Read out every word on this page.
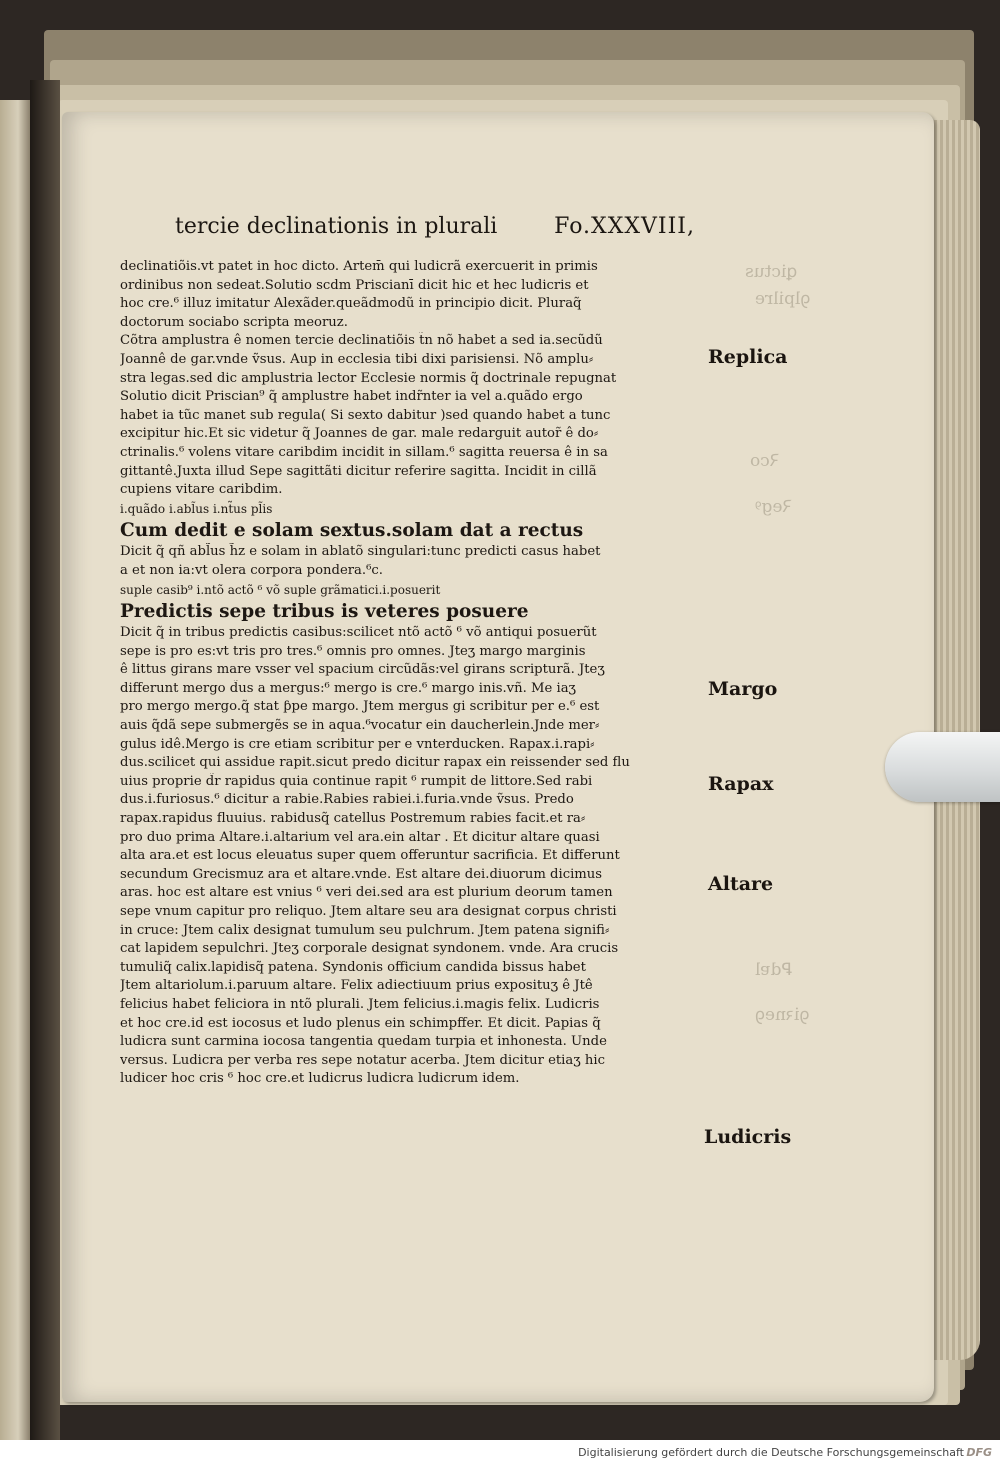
ꝗictus
ꝯlpilre
Ꝛco
Ꝛegꝰ
Ꝑdɐl
ꝯiꝛneꝯ
tercie declinationis in plurali	Fo.XXXVIII,
declinatiõis.vt patet in hoc dicto. Artem̄ qui ludicrã exercuerit in primis
ordinibus non sedeat.Solutio scd̄m Priscianī dicit hic et hec ludicris et
hoc cre.⁶ illuz imitatur Alexãder.queãdmodũ in principio dicit. Pluraq̃
doctorum sociabo scripta meoruz.
Cõtra amplustra ê nomen tercie declinatiõis t̃n nõ habet a sed ia.secũdũ
Joannê de gar.vnde ṽsus. Aup in ecclesia tibi dixi parisiensi. Nõ amplu⸗
stra legas.sed dic amplustria lector Ecclesie normis q̃ doctrinale repugnat
Solutio dicit Priscian⁹ q̃ amplustre habet indr̃nter ia vel a.quãdo ergo
habet ia tũc manet sub regula( Si sexto dabitur )sed quando habet a tunc
excipitur hic.Et sic videtur q̃ Joannes de gar. male redarguit autor̃ ê do⸗
ctrinalis.⁶ volens vitare caribdim incidit in sillam.⁶ sagitta reuersa ê in sa
gittantê.Juxta illud Sepe sagittãti dicitur referire sagitta. Incidit in cillã
cupiens vitare caribdim.
i.quãdo i.abl̃us i.nt̃us pl̃is
Cum dedit e solam sextus.solam dat a rectus
Dicit q̃ qñ abl̃us h̃z e solam in ablatõ singulari:tunc predicti casus habet
a et non ia:vt olera corpora pondera.⁶c.
suple casib⁹ i.ntõ actõ ⁶ võ suple grãmatici.i.posuerit
Predictis sepe tribus is veteres posuere
Dicit q̃ in tribus predictis casibus:scilicet ntõ actõ ⁶ võ antiqui posuerũt
sepe is pro es:vt tris pro tres.⁶ omnis pro omnes. Jteʒ margo marginis
ê littus girans mare vsser vel spacium circũdãs:vel girans scripturã. Jteʒ
differunt mergo d̃us a mergus:⁶ mergo is cre.⁶ margo inis.vñ. Me iaʒ
pro mergo mergo.q̃ stat ƥpe margo. Jtem mergus gi scribitur per e.⁶ est
auis q̃dã sepe submergẽs se in aqua.⁶vocatur ein daucherlein.Jnde mer⸗
gulus idê.Mergo is cre etiam scribitur per e vnterducken. Rapax.i.rapi⸗
dus.scilicet qui assidue rapit.sicut predo dicitur rapax ein reissender sed flu
uius proprie d̃r rapidus quia continue rapit ⁶ rumpit de littore.Sed rabi
dus.i.furiosus.⁶ dicitur a rabie.Rabies rabiei.i.furia.vnde ṽsus. Predo
rapax.rapidus fluuius. rabidusq̃ catellus Postremum rabies facit.et ra⸗
pro duo prima Altare.i.altarium vel ara.ein altar . Et dicitur altare quasi
alta ara.et est locus eleuatus super quem offeruntur sacrificia. Et differunt
secundum Grecismuz ara et altare.vnde. Est altare dei.diuorum dicimus
aras. hoc est altare est vnius ⁶ veri dei.sed ara est plurium deorum tamen
sepe vnum capitur pro reliquo. Jtem altare seu ara designat corpus christi
in cruce: Jtem calix designat tumulum seu pulchrum. Jtem patena signifi⸗
cat lapidem sepulchri. Jteʒ corporale designat syndonem. vnde. Ara crucis
tumuliq̃ calix.lapidisq̃ patena. Syndonis officium candida bissus habet
Jtem altariolum.i.paruum altare. Felix adiectiuum prius exposituʒ ê Jtê
felicius habet feliciora in ntõ plurali. Jtem felicius.i.magis felix. Ludicris
et hoc cre.id est iocosus et ludo plenus ein schimpffer. Et dicit. Papias q̃
ludicra sunt carmina iocosa tangentia quedam turpia et inhonesta. Unde
versus. Ludicra per verba res sepe notatur acerba. Jtem dicitur etiaʒ hic
ludicer hoc cris ⁶ hoc cre.et ludicrus ludicra ludicrum idem.
Replica
Margo
Rapax
Altare
Ludicris
Digitalisierung gefördert durch die Deutsche Forschungsgemeinschaft DFG
